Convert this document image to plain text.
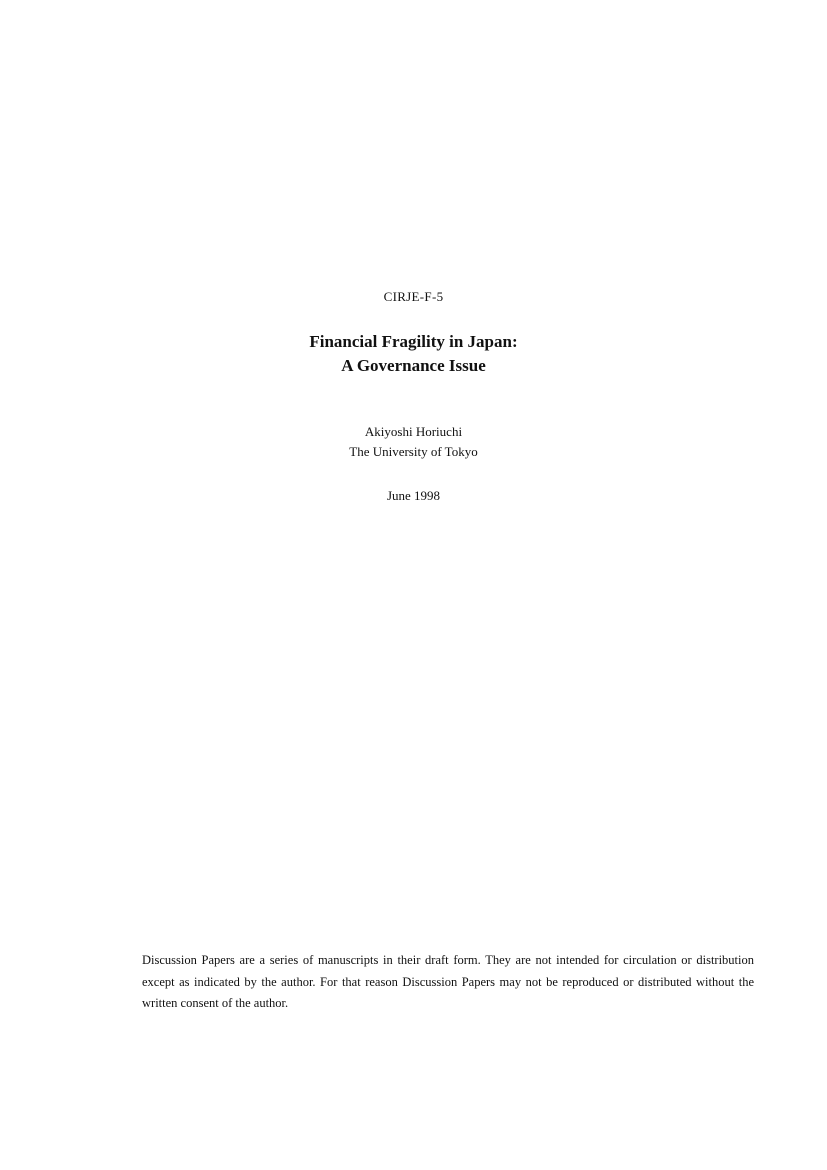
CIRJE-F-5
Financial Fragility in Japan:
A Governance Issue
Akiyoshi Horiuchi
The University of Tokyo
June 1998
Discussion Papers are a series of manuscripts in their draft form. They are not intended for circulation or distribution except as indicated by the author. For that reason Discussion Papers may not be reproduced or distributed without the written consent of the author.
